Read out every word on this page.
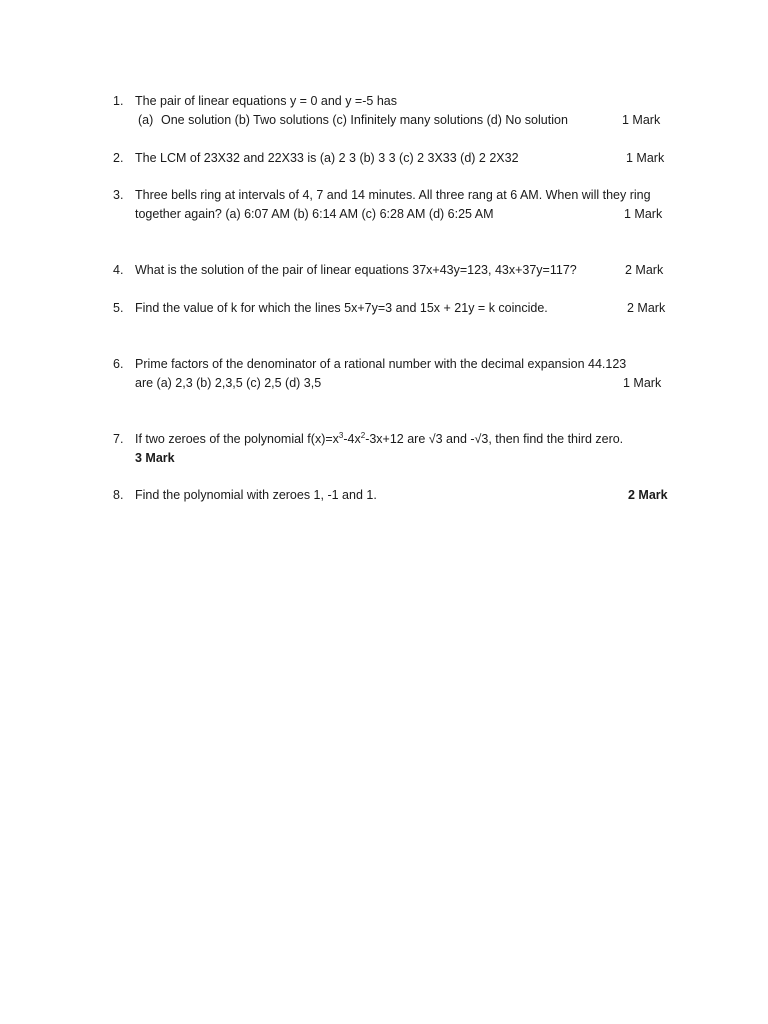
1. The pair of linear equations y = 0 and y =-5 has
(a) One solution (b) Two solutions (c) Infinitely many solutions (d) No solution	1 Mark
2. The LCM of 23X32 and 22X33 is (a) 2 3 (b) 3 3 (c) 2 3X33 (d) 2 2X32	1 Mark
3. Three bells ring at intervals of 4, 7 and 14 minutes. All three rang at 6 AM. When will they ring
together again? (a) 6:07 AM (b) 6:14 AM (c) 6:28 AM (d) 6:25 AM	1 Mark
4. What is the solution of the pair of linear equations 37x+43y=123, 43x+37y=117?	2 Mark
5. Find the value of k for which the lines 5x+7y=3 and 15x + 21y = k coincide.	2 Mark
6. Prime factors of the denominator of a rational number with the decimal expansion 44.123
are (a) 2,3 (b) 2,3,5 (c) 2,5 (d) 3,5	1 Mark
7. If two zeroes of the polynomial $f(x)=x^3-4x^2-3x+12$ are √3 and -√3, then find the third zero.
3 Mark
8. Find the polynomial with zeroes 1, -1 and 1.	2 Mark
